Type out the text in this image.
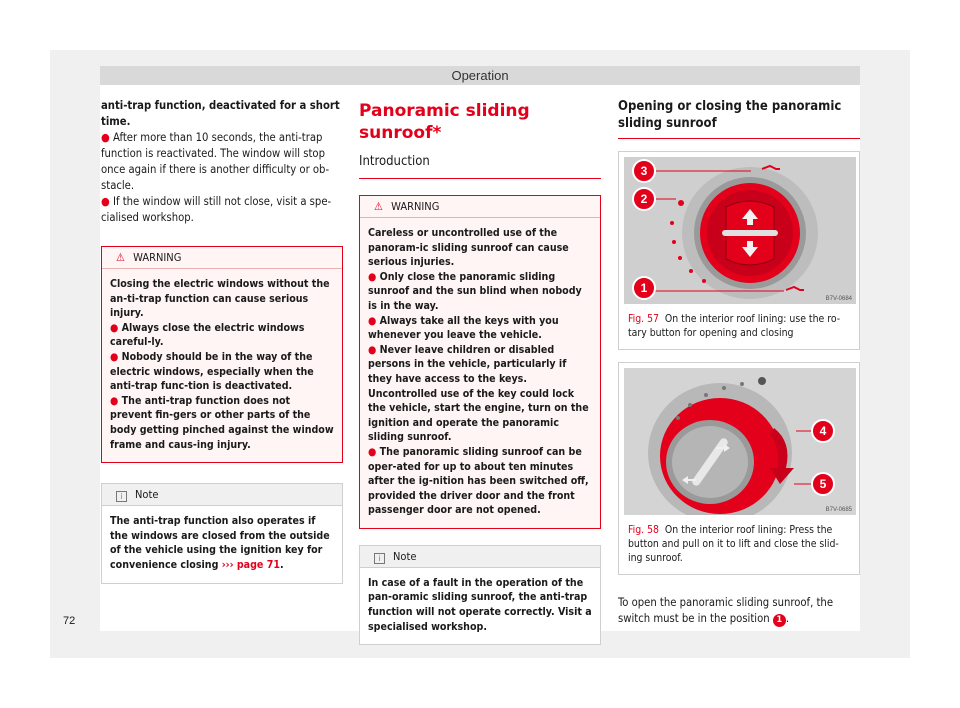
Operation

anti-trap function, deactivated for a short time.

● After more than 10 seconds, the anti-trap function is reactivated. The window will stop once again if there is another difficulty or ob-stacle.

● If the window will still not close, visit a spe-cialised workshop.

⚠ WARNING

Closing the electric windows without the an-ti-trap function can cause serious injury.

● Always close the electric windows careful-ly.

● Nobody should be in the way of the electric windows, especially when the anti-trap func-tion is deactivated.

● The anti-trap function does not prevent fin-gers or other parts of the body getting pinched against the window frame and caus-ing injury.

i Note
The anti-trap function also operates if the windows are closed from the outside of the vehicle using the ignition key for convenience closing ››› page 71.
Panoramic sliding sunroof*
Introduction
⚠ WARNING

Careless or uncontrolled use of the panoram-ic sliding sunroof can cause serious injuries.

● Only close the panoramic sliding sunroof and the sun blind when nobody is in the way.

● Always take all the keys with you whenever you leave the vehicle.

● Never leave children or disabled persons in the vehicle, particularly if they have access to the keys. Uncontrolled use of the key could lock the vehicle, start the engine, turn on the ignition and operate the panoramic sliding sunroof.

● The panoramic sliding sunroof can be oper-ated for up to about ten minutes after the ig-nition has been switched off, provided the driver door and the front passenger door are not opened.

i Note
In case of a fault in the operation of the pan-oramic sliding sunroof, the anti-trap function will not operate correctly. Visit a specialised workshop.
Opening or closing the panoramic sliding sunroof
3
2
1
B7V-0684

Fig. 57 On the interior roof lining: use the ro-tary button for opening and closing

4
5
B7V-0685

Fig. 58 On the interior roof lining: Press the button and pull on it to lift and close the slid-ing sunroof.

To open the panoramic sliding sunroof, the switch must be in the position 1 .

72
